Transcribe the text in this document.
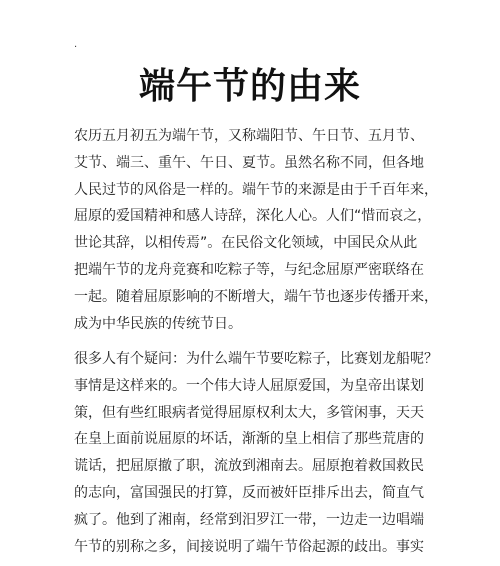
.
端午节的由来
农历五月初五为端午节，又称端阳节、午日节、五月节、
艾节、端三、重午、午日、夏节。虽然名称不同，但各地
人民过节的风俗是一样的。端午节的来源是由于千百年来，
屈原的爱国精神和感人诗辞，深化人心。人们“惜而哀之，
世论其辞，以相传焉”。在民俗文化领域，中国民众从此
把端午节的龙舟竞赛和吃粽子等，与纪念屈原严密联络在
一起。随着屈原影响的不断增大，端午节也逐步传播开来，
成为中华民族的传统节日。
很多人有个疑问：为什么端午节要吃粽子，比赛划龙船呢？
事情是这样来的。一个伟大诗人屈原爱国，为皇帝出谋划
策，但有些红眼病者觉得屈原权利太大，多管闲事，天天
在皇上面前说屈原的坏话，渐渐的皇上相信了那些荒唐的
谎话，把屈原撤了职，流放到湘南去。屈原抱着救国救民
的志向，富国强民的打算，反而被奸臣排斥出去，简直气
疯了。他到了湘南，经常到汨罗江一带，一边走一边唱端
午节的别称之多，间接说明了端午节俗起源的歧出。事实
